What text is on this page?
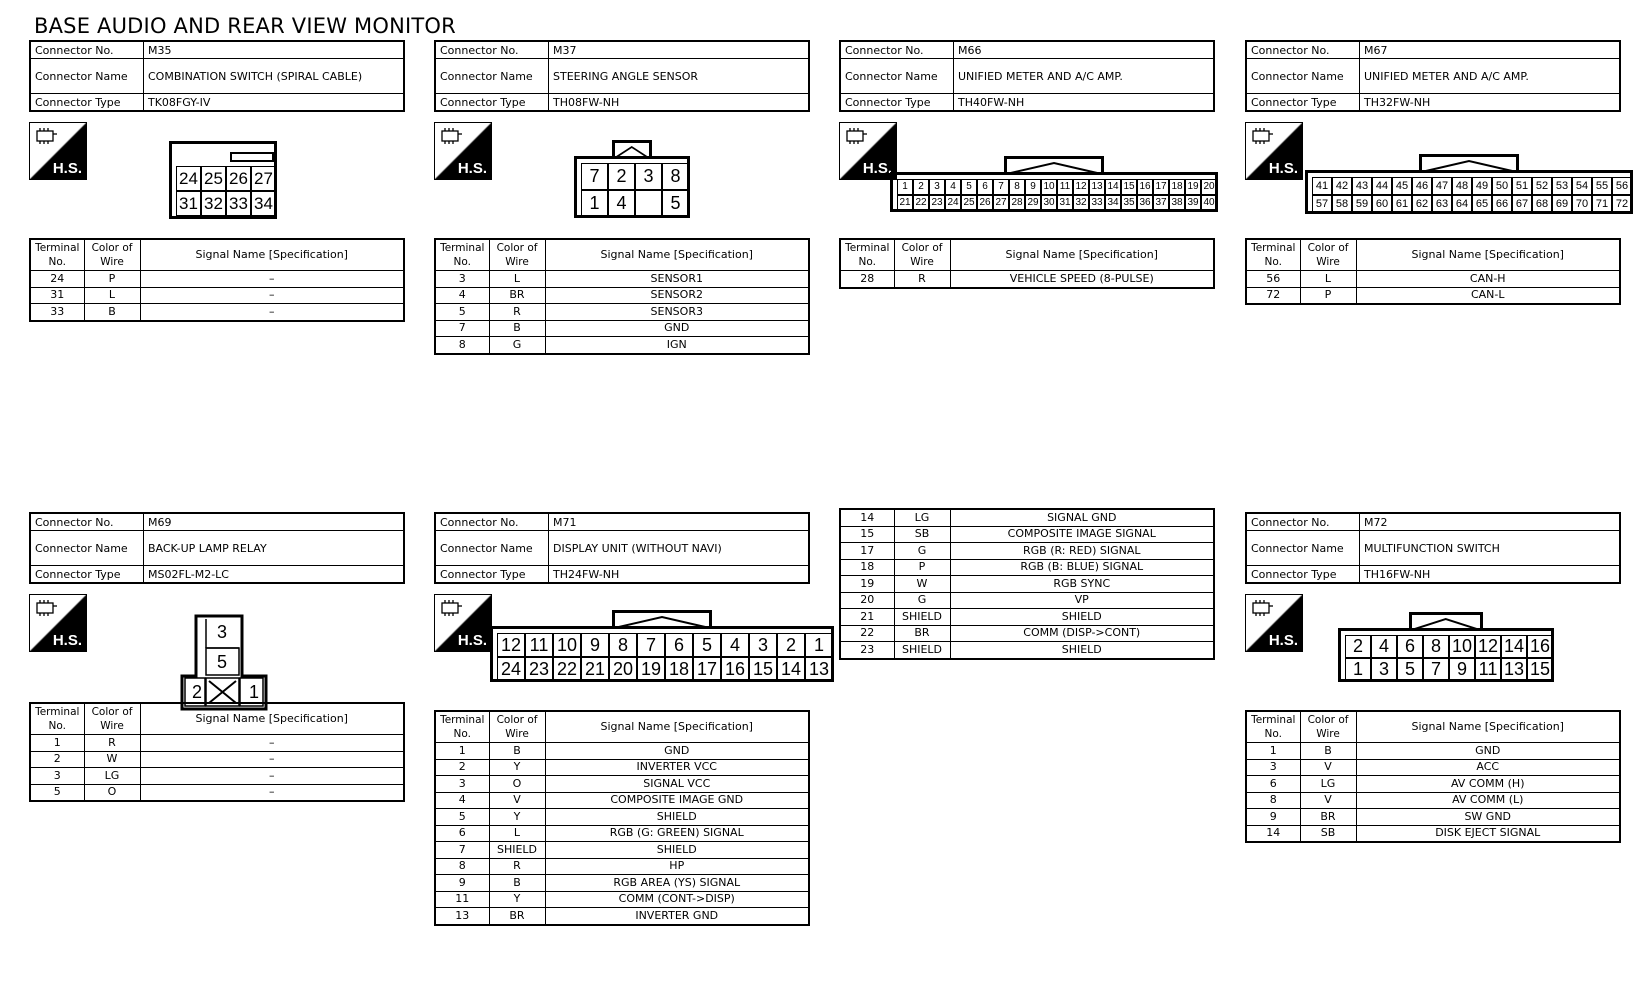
BASE AUDIO AND REAR VIEW MONITOR
Connector No.	M35
Connector Name	COMBINATION SWITCH (SPIRAL CABLE)
Connector Type	TK08FGY-IV
H.S.
24 25 26 27
31 32 33 34
Terminal No.	Color of Wire	Signal Name [Specification]
24	P	–
31	L	–
33	B	–
Connector No.	M37
Connector Name	STEERING ANGLE SENSOR
Connector Type	TH08FW-NH
H.S.	7 2 3 8
1 4	5
Terminal No.	Color of Wire	Signal Name [Specification]
3	L	SENSOR1
4	BR	SENSOR2
5	R	SENSOR3
7	B	GND
8	G	IGN
Connector No.	M66
Connector Name	UNIFIED METER AND A/C AMP.
Connector Type	TH40FW-NH
H.S.
1	2	3	4	5	6	7	8	9 10 11 12 13 14 15 16 17 18 19 20
21 22 23 24 25 26 27 28 29 30 31 32 33 34 35 36 37 38 39 40
Terminal No.	Color of Wire	Signal Name [Specification]
28	R	VEHICLE SPEED (8-PULSE)
Connector No.	M67
Connector Name	UNIFIED METER AND A/C AMP.
Connector Type	TH32FW-NH
H.S.
41 42 43 44 45 46 47 48 49 50 51 52 53 54 55 56
57 58 59 60 61 62 63 64 65 66 67 68 69 70 71 72
Terminal No.	Color of Wire	Signal Name [Specification]
56	L	CAN-H
72	P	CAN-L
Connector No.	M69
Connector Name	BACK-UP LAMP RELAY
Connector Type	MS02FL-M2-LC
H.S.	3
5
2	1
Terminal No.	Color of Wire	Signal Name [Specification]
1	R	–
2	W	–
3	LG	–
5	O	–
Connector No.	M71
Connector Name	DISPLAY UNIT (WITHOUT NAVI)
Connector Type	TH24FW-NH
H.S. 12 11 10 9 8 7 6 5 4 3 2 1
24 23 22 21 20 19 18 17 16 15 14 13
Terminal No.	Color of Wire	Signal Name [Specification]
1	B	GND
2	Y	INVERTER VCC
3	O	SIGNAL VCC
4	V	COMPOSITE IMAGE GND
5	Y	SHIELD
6	L	RGB (G: GREEN) SIGNAL
7	SHIELD	SHIELD
8	R	HP
9	B	RGB AREA (YS) SIGNAL
11	Y	COMM (CONT->DISP)
13	BR	INVERTER GND
14	LG	SIGNAL GND
15	SB	COMPOSITE IMAGE SIGNAL
17	G	RGB (R: RED) SIGNAL
18	P	RGB (B: BLUE) SIGNAL
19	W	RGB SYNC
20	G	VP
21	SHIELD	SHIELD
22	BR	COMM (DISP->CONT)
23	SHIELD	SHIELD
Connector No.	M72
Connector Name	MULTIFUNCTION SWITCH
Connector Type	TH16FW-NH
H.S.	2 4 6 8 10 12 14 16
1 3 5 7 9 11 13 15
Terminal No.	Color of Wire	Signal Name [Specification]
1	B	GND
3	V	ACC
6	LG	AV COMM (H)
8	V	AV COMM (L)
9	BR	SW GND
14	SB	DISK EJECT SIGNAL
